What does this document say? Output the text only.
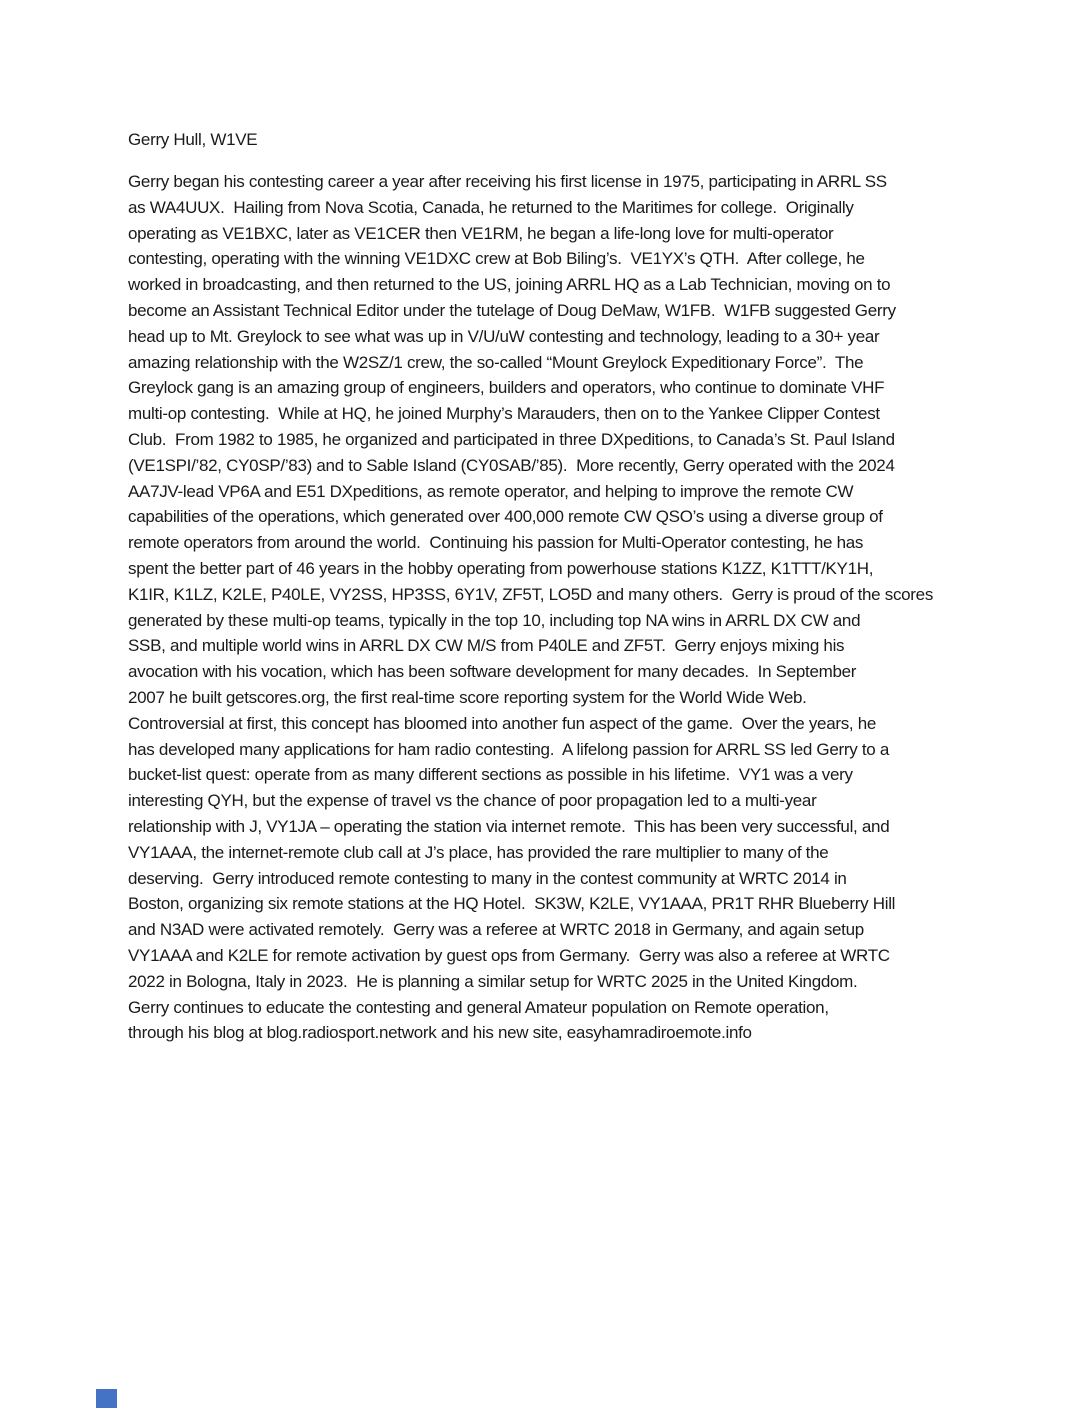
Gerry Hull, W1VE
Gerry began his contesting career a year after receiving his first license in 1975, participating in ARRL SS
as WA4UUX.  Hailing from Nova Scotia, Canada, he returned to the Maritimes for college.  Originally
operating as VE1BXC, later as VE1CER then VE1RM, he began a life-long love for multi-operator
contesting, operating with the winning VE1DXC crew at Bob Biling’s.  VE1YX’s QTH.  After college, he
worked in broadcasting, and then returned to the US, joining ARRL HQ as a Lab Technician, moving on to
become an Assistant Technical Editor under the tutelage of Doug DeMaw, W1FB.  W1FB suggested Gerry
head up to Mt. Greylock to see what was up in V/U/uW contesting and technology, leading to a 30+ year
amazing relationship with the W2SZ/1 crew, the so-called “Mount Greylock Expeditionary Force”.  The
Greylock gang is an amazing group of engineers, builders and operators, who continue to dominate VHF
multi-op contesting.  While at HQ, he joined Murphy’s Marauders, then on to the Yankee Clipper Contest
Club.  From 1982 to 1985, he organized and participated in three DXpeditions, to Canada’s St. Paul Island
(VE1SPI/’82, CY0SP/’83) and to Sable Island (CY0SAB/’85).  More recently, Gerry operated with the 2024
AA7JV-lead VP6A and E51 DXpeditions, as remote operator, and helping to improve the remote CW
capabilities of the operations, which generated over 400,000 remote CW QSO’s using a diverse group of
remote operators from around the world.  Continuing his passion for Multi-Operator contesting, he has
spent the better part of 46 years in the hobby operating from powerhouse stations K1ZZ, K1TTT/KY1H,
K1IR, K1LZ, K2LE, P40LE, VY2SS, HP3SS, 6Y1V, ZF5T, LO5D and many others.  Gerry is proud of the scores
generated by these multi-op teams, typically in the top 10, including top NA wins in ARRL DX CW and
SSB, and multiple world wins in ARRL DX CW M/S from P40LE and ZF5T.  Gerry enjoys mixing his
avocation with his vocation, which has been software development for many decades.  In September
2007 he built getscores.org, the first real-time score reporting system for the World Wide Web.
Controversial at first, this concept has bloomed into another fun aspect of the game.  Over the years, he
has developed many applications for ham radio contesting.  A lifelong passion for ARRL SS led Gerry to a
bucket-list quest: operate from as many different sections as possible in his lifetime.  VY1 was a very
interesting QYH, but the expense of travel vs the chance of poor propagation led to a multi-year
relationship with J, VY1JA – operating the station via internet remote.  This has been very successful, and
VY1AAA, the internet-remote club call at J’s place, has provided the rare multiplier to many of the
deserving.  Gerry introduced remote contesting to many in the contest community at WRTC 2014 in
Boston, organizing six remote stations at the HQ Hotel.  SK3W, K2LE, VY1AAA, PR1T RHR Blueberry Hill
and N3AD were activated remotely.  Gerry was a referee at WRTC 2018 in Germany, and again setup
VY1AAA and K2LE for remote activation by guest ops from Germany.  Gerry was also a referee at WRTC
2022 in Bologna, Italy in 2023.  He is planning a similar setup for WRTC 2025 in the United Kingdom.
Gerry continues to educate the contesting and general Amateur population on Remote operation,
through his blog at blog.radiosport.network and his new site, easyhamradiroemote.info
